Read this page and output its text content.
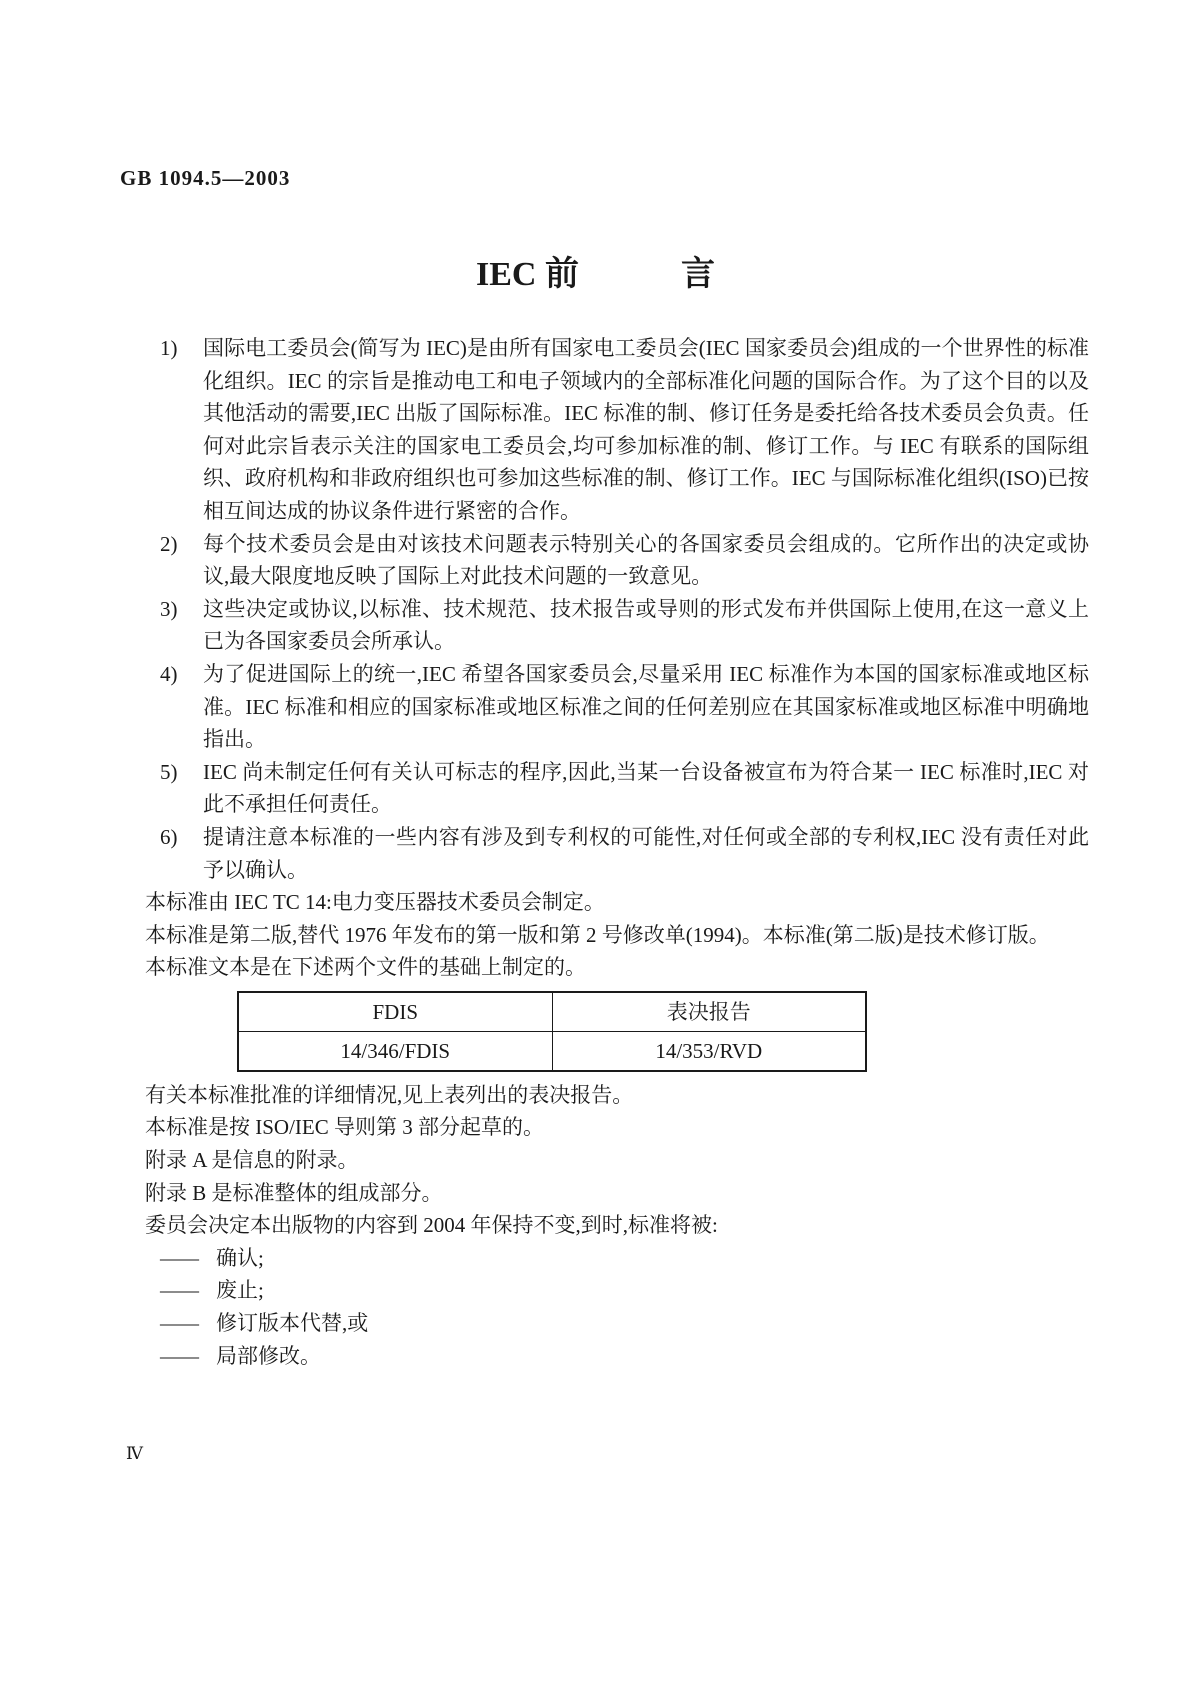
GB 1094.5—2003
IEC 前　　　言
1)	国际电工委员会(简写为 IEC)是由所有国家电工委员会(IEC 国家委员会)组成的一个世界性的标准化组织。IEC 的宗旨是推动电工和电子领域内的全部标准化问题的国际合作。为了这个目的以及其他活动的需要,IEC 出版了国际标准。IEC 标准的制、修订任务是委托给各技术委员会负责。任何对此宗旨表示关注的国家电工委员会,均可参加标准的制、修订工作。与 IEC 有联系的国际组织、政府机构和非政府组织也可参加这些标准的制、修订工作。IEC 与国际标准化组织(ISO)已按相互间达成的协议条件进行紧密的合作。
2)	每个技术委员会是由对该技术问题表示特别关心的各国家委员会组成的。它所作出的决定或协议,最大限度地反映了国际上对此技术问题的一致意见。
3)	这些决定或协议,以标准、技术规范、技术报告或导则的形式发布并供国际上使用,在这一意义上已为各国家委员会所承认。
4)	为了促进国际上的统一,IEC 希望各国家委员会,尽量采用 IEC 标准作为本国的国家标准或地区标准。IEC 标准和相应的国家标准或地区标准之间的任何差别应在其国家标准或地区标准中明确地指出。
5)	IEC 尚未制定任何有关认可标志的程序,因此,当某一台设备被宣布为符合某一 IEC 标准时,IEC 对此不承担任何责任。
6)	提请注意本标准的一些内容有涉及到专利权的可能性,对任何或全部的专利权,IEC 没有责任对此予以确认。

本标准由 IEC TC 14:电力变压器技术委员会制定。

本标准是第二版,替代 1976 年发布的第一版和第 2 号修改单(1994)。本标准(第二版)是技术修订版。

本标准文本是在下述两个文件的基础上制定的。

FDIS	表决报告
14/346/FDIS	14/353/RVD

有关本标准批准的详细情况,见上表列出的表决报告。

本标准是按 ISO/IEC 导则第 3 部分起草的。

附录 A 是信息的附录。

附录 B 是标准整体的组成部分。

委员会决定本出版物的内容到 2004 年保持不变,到时,标准将被:

—— 确认;
—— 废止;
—— 修订版本代替,或
—— 局部修改。
Ⅳ
